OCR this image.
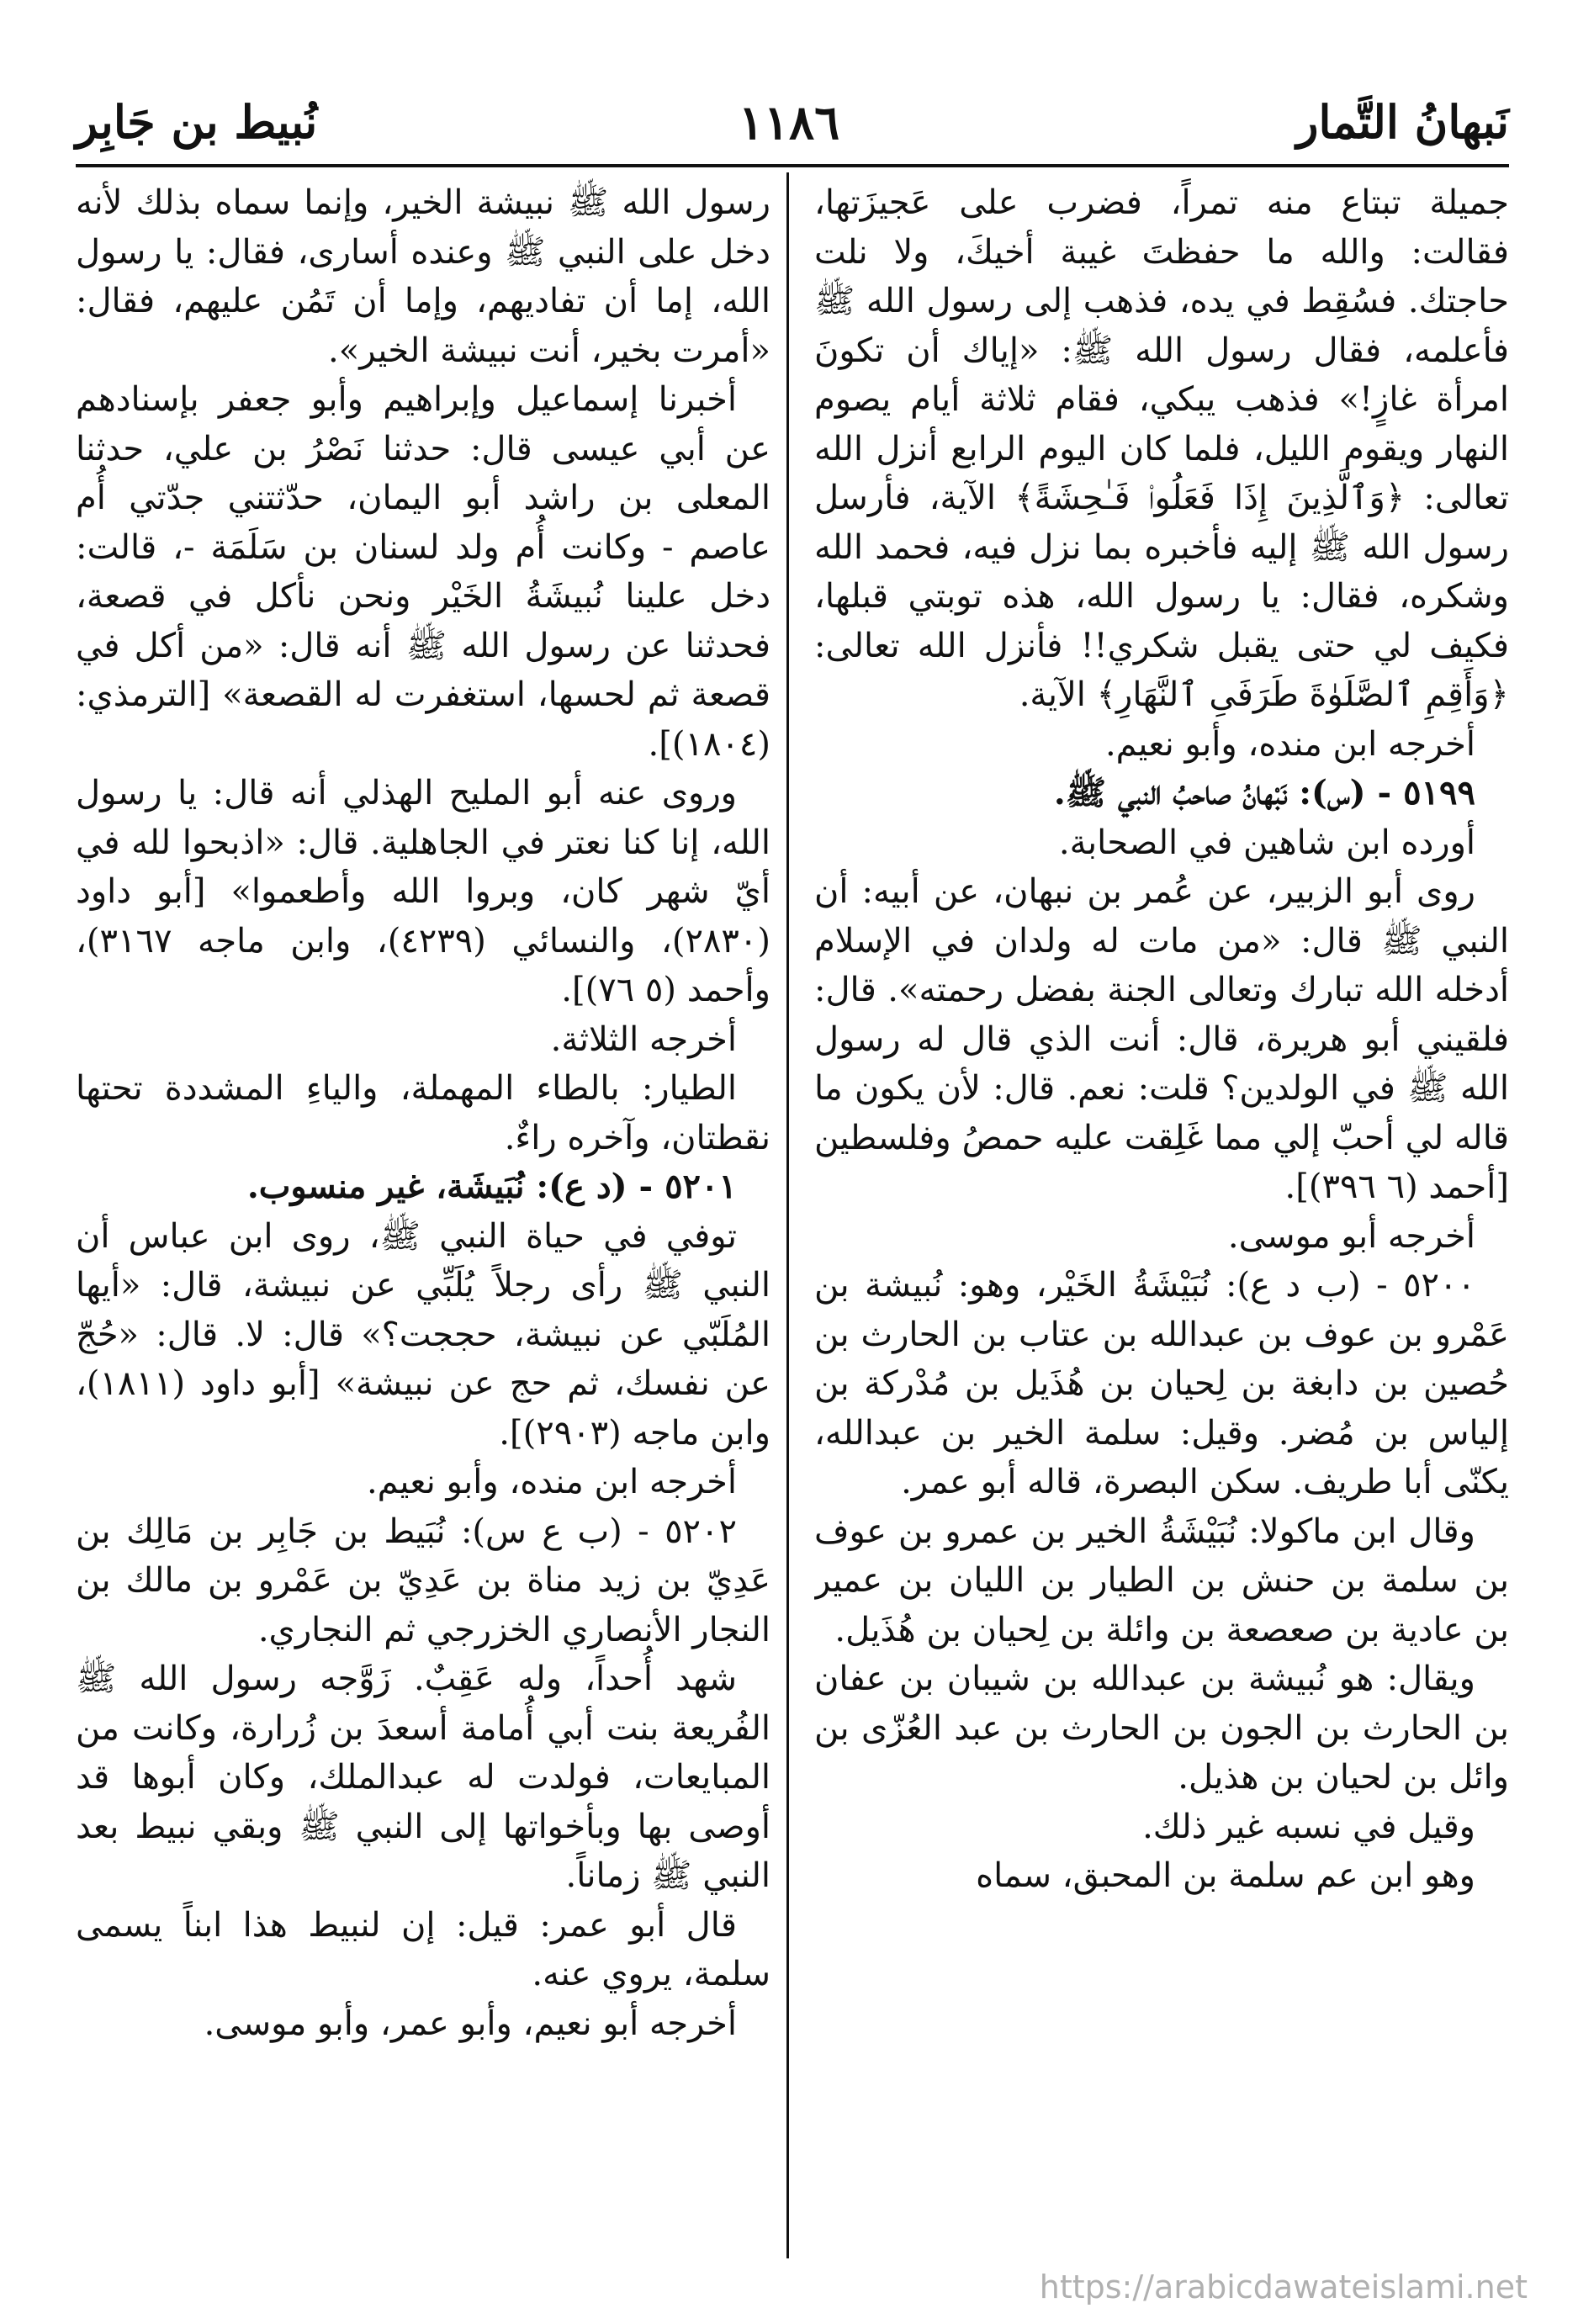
نَبهانُ التَّمار
١١٨٦
نُبيط بن جَابِر

جميلة تبتاع منه تمراً، فضرب على عَجيزَتها، فقالت: والله ما حفظتَ غيبة أخيكَ، ولا نلت حاجتك. فسُقِط في يده، فذهب إلى رسول الله ﷺ فأعلمه، فقال رسول الله ﷺ: «إياك أن تكونَ امرأة غازٍ!» فذهب يبكي، فقام ثلاثة أيام يصوم النهار ويقوم الليل، فلما كان اليوم الرابع أنزل الله تعالى: ﴿وَٱلَّذِينَ إِذَا فَعَلُوا۟ فَـٰحِشَةً﴾ الآية، فأرسل رسول الله ﷺ إليه فأخبره بما نزل فيه، فحمد الله وشكره، فقال: يا رسول الله، هذه توبتي قبلها، فكيف لي حتى يقبل شكري!! فأنزل الله تعالى: ﴿وَأَقِمِ ٱلصَّلَوٰةَ طَرَفَىِ ٱلنَّهَارِ﴾ الآية.

أخرجه ابن منده، وأبو نعيم.

٥١٩٩ - (س): نَبْهانُ صاحبُ النبي ﷺ.

أورده ابن شاهين في الصحابة.

روى أبو الزبير، عن عُمر بن نبهان، عن أبيه: أن النبي ﷺ قال: «من مات له ولدان في الإسلام أدخله الله تبارك وتعالى الجنة بفضل رحمته». قال: فلقيني أبو هريرة، قال: أنت الذي قال له رسول الله ﷺ في الولدين؟ قلت: نعم. قال: لأن يكون ما قاله لي أحبّ إلي مما غَلِقت عليه حمصُ وفلسطين [أحمد (٦ ٣٩٦)].

أخرجه أبو موسى.

٥٢٠٠ - (ب د ع): نُبَيْشَةُ الخَيْر، وهو: نُبيشة بن عَمْرو بن عوف بن عبدالله بن عتاب بن الحارث بن حُصين بن دابغة بن لِحيان بن هُذَيل بن مُدْركة بن إلياس بن مُضر. وقيل: سلمة الخير بن عبدالله، يكنّى أبا طريف. سكن البصرة، قاله أبو عمر.

وقال ابن ماكولا: نُبَيْشَةُ الخير بن عمرو بن عوف بن سلمة بن حنش بن الطيار بن الليان بن عمير بن عادية بن صعصعة بن وائلة بن لِحيان بن هُذَيل.

ويقال: هو نُبيشة بن عبدالله بن شيبان بن عفان بن الحارث بن الجون بن الحارث بن عبد العُزّى بن وائل بن لحيان بن هذيل.

وقيل في نسبه غير ذلك.

وهو ابن عم سلمة بن المحبق، سماه

رسول الله ﷺ نبيشة الخير، وإنما سماه بذلك لأنه دخل على النبي ﷺ وعنده أسارى، فقال: يا رسول الله، إما أن تفاديهم، وإما أن تَمُن عليهم، فقال: «أمرت بخير، أنت نبيشة الخير».

أخبرنا إسماعيل وإبراهيم وأبو جعفر بإسنادهم عن أبي عيسى قال: حدثنا نَصْرُ بن علي، حدثنا المعلى بن راشد أبو اليمان، حدّثتني جدّتي أُم عاصم - وكانت أُم ولد لسنان بن سَلَمَة -، قالت: دخل علينا نُبيشَةُ الخَيْر ونحن نأكل في قصعة، فحدثنا عن رسول الله ﷺ أنه قال: «من أكل في قصعة ثم لحسها، استغفرت له القصعة» [الترمذي: (١٨٠٤)].

وروى عنه أبو المليح الهذلي أنه قال: يا رسول الله، إنا كنا نعتر في الجاهلية. قال: «اذبحوا لله في أيّ شهر كان، وبروا الله وأطعموا» [أبو داود (٢٨٣٠)، والنسائي (٤٢٣٩)، وابن ماجه ٣١٦٧)، وأحمد (٥ ٧٦)].

أخرجه الثلاثة.

الطيار: بالطاء المهملة، والياءِ المشددة تحتها نقطتان، وآخره راءٌ.

٥٢٠١ - (د ع): نُبَيشَة، غير منسوب.

توفي في حياة النبي ﷺ، روى ابن عباس أن النبي ﷺ رأى رجلاً يُلَبِّي عن نبيشة، قال: «أيها المُلَبّي عن نبيشة، حججت؟» قال: لا. قال: «حُجّ عن نفسك، ثم حج عن نبيشة» [أبو داود (١٨١١)، وابن ماجه (٢٩٠٣)].

أخرجه ابن منده، وأبو نعيم.

٥٢٠٢ - (ب ع س): نُبَيط بن جَابِر بن مَالِك بن عَدِيّ بن زيد مناة بن عَدِيّ بن عَمْرو بن مالك بن النجار الأنصاري الخزرجي ثم النجاري.

شهد أُحداً، وله عَقِبٌ. زَوَّجه رسول الله ﷺ الفُريعة بنت أبي أُمامة أسعدَ بن زُرارة، وكانت من المبايعات، فولدت له عبدالملك، وكان أبوها قد أوصى بها وبأخواتها إلى النبي ﷺ وبقي نبيط بعد النبي ﷺ زماناً.

قال أبو عمر: قيل: إن لنبيط هذا ابناً يسمى سلمة، يروي عنه.

أخرجه أبو نعيم، وأبو عمر، وأبو موسى.

https://arabicdawateislami.net
